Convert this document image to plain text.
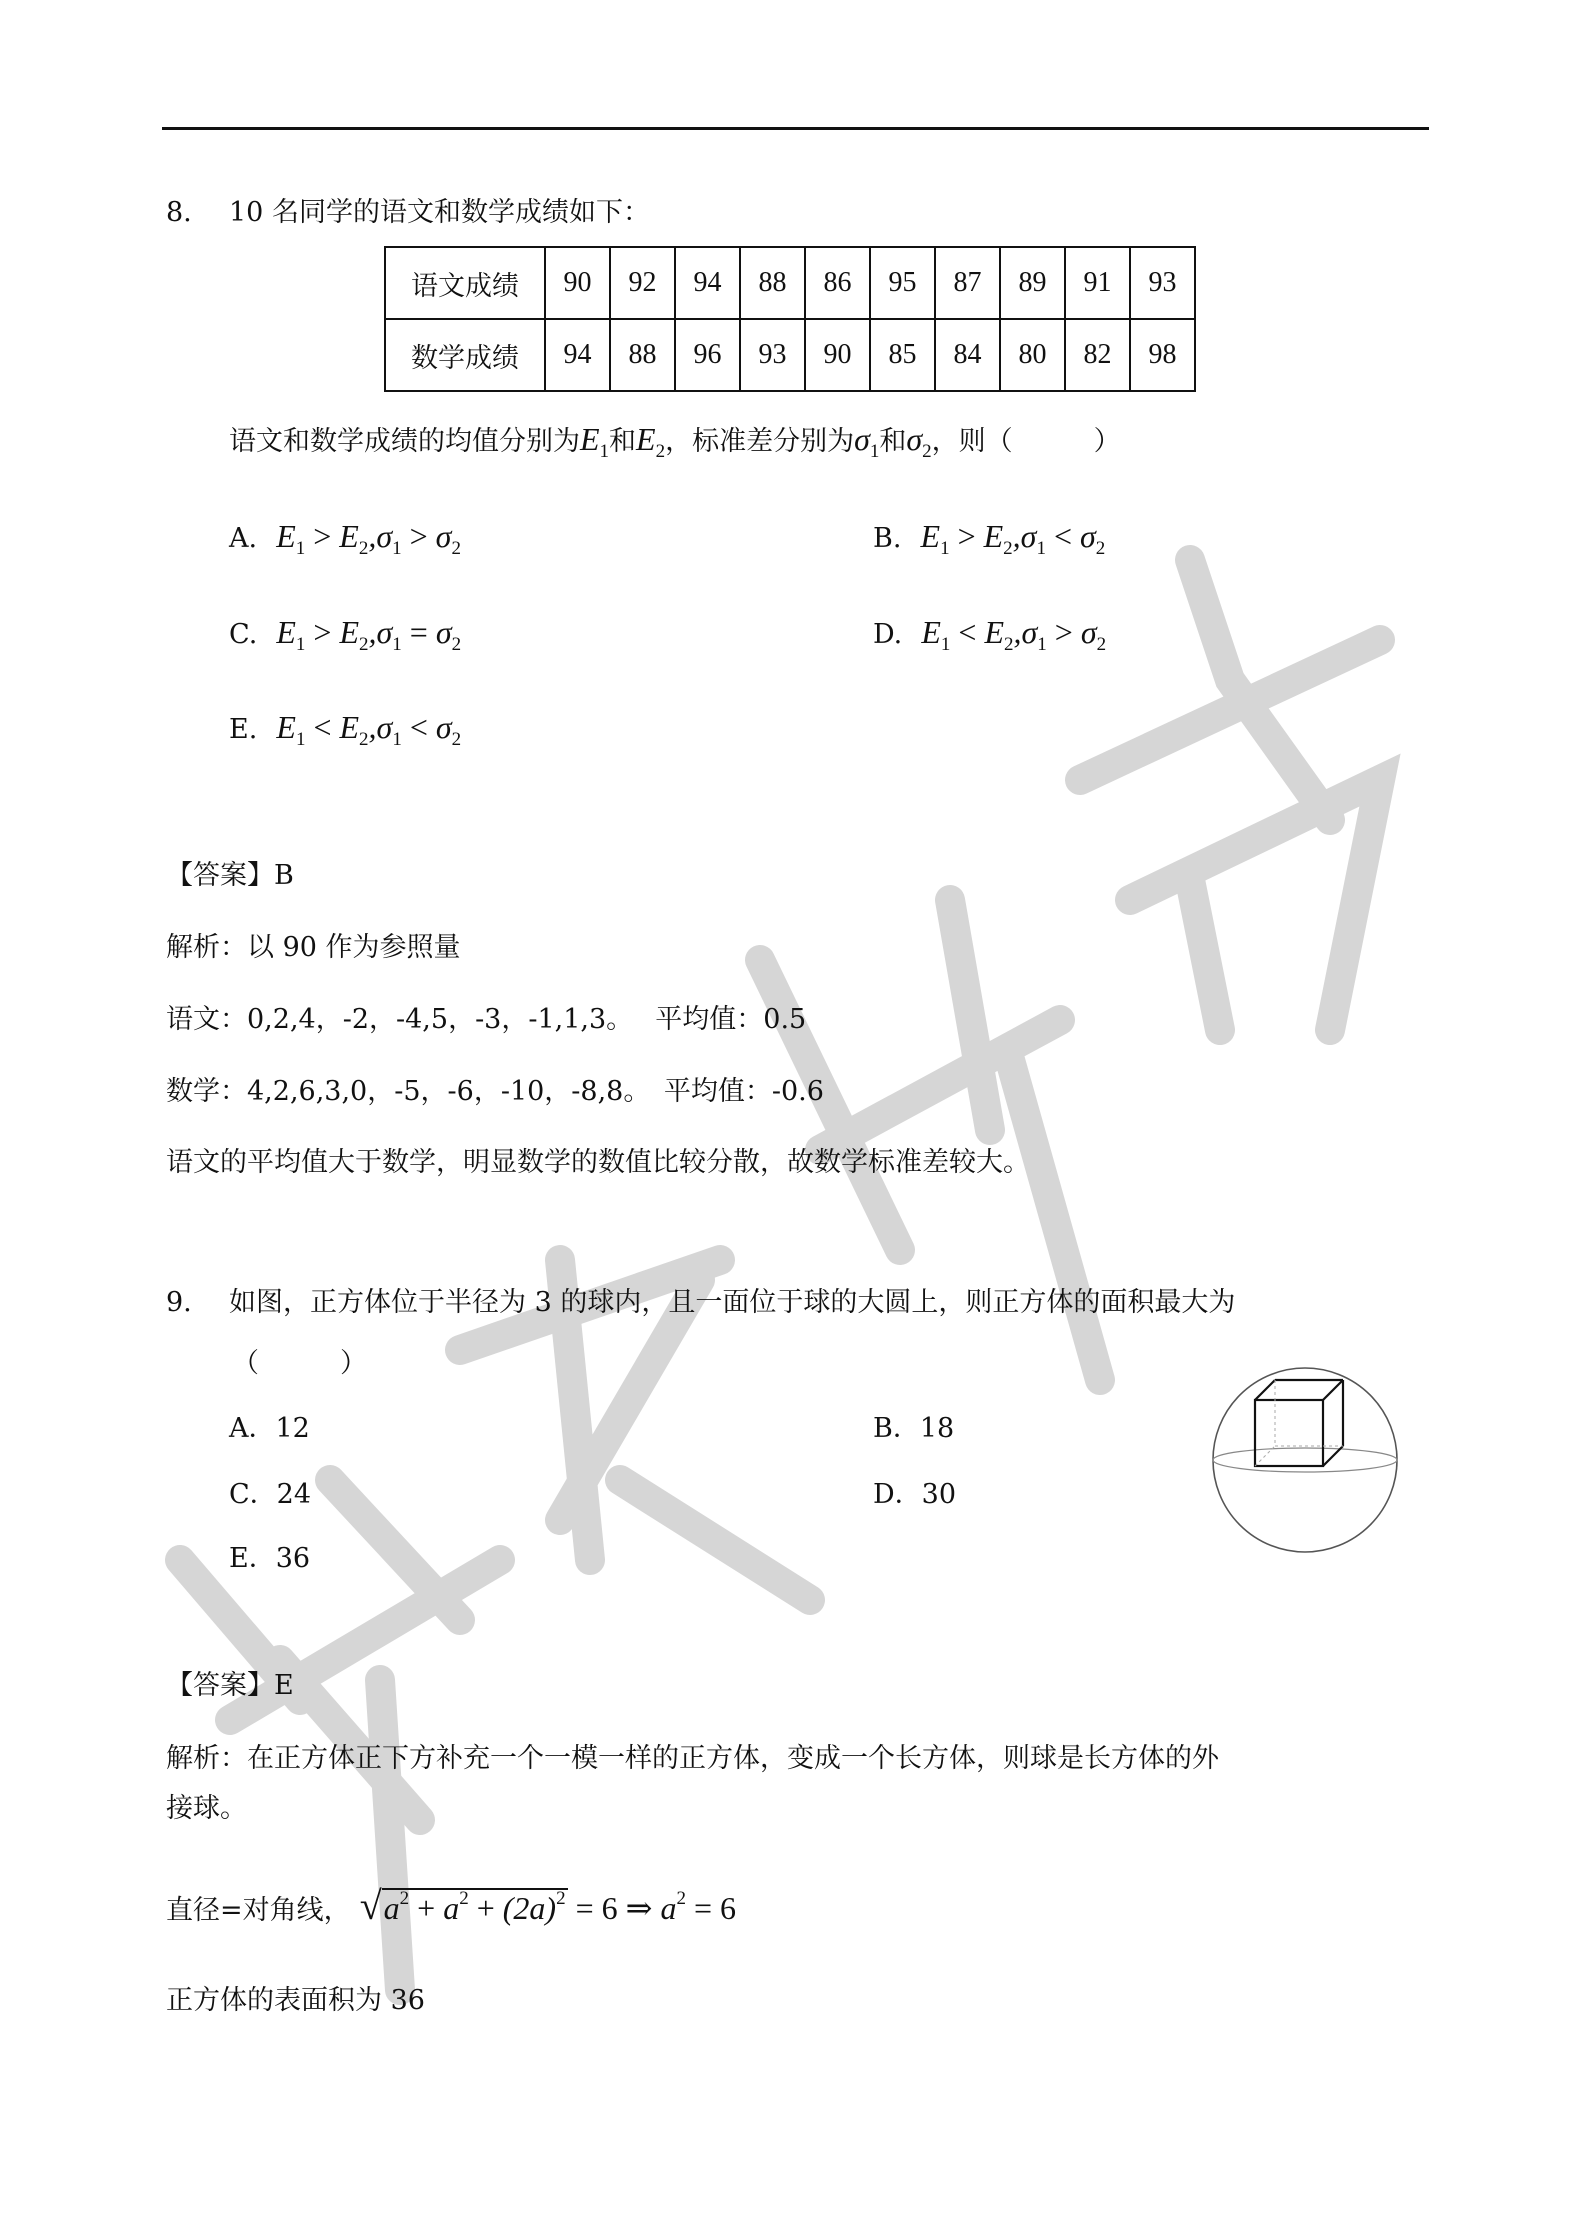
8. 10 名同学的语文和数学成绩如下：
语文成绩	90	92	94	88	86	95	87	89	91	93
数学成绩	94	88	96	93	90	85	84	80	82	98
语文和数学成绩的均值分别为$E_1$和$E_2$，标准差分别为$\sigma_1$和$\sigma_2$，则（　　　）
A. $E_1 > E_2,\sigma_1 > \sigma_2$	B. $E_1 > E_2,\sigma_1 < \sigma_2$
C. $E_1 > E_2,\sigma_1 = \sigma_2$	D. $E_1 < E_2,\sigma_1 > \sigma_2$
E. $E_1 < E_2,\sigma_1 < \sigma_2$
【答案】B
解析：以 90 作为参照量
语文：0,2,4，-2，-4,5，-3，-1,1,3。　 平均值：0.5
数学：4,2,6,3,0，-5，-6，-10，-8,8。　平均值：-0.6
语文的平均值大于数学，明显数学的数值比较分散，故数学标准差较大。
9. 如图，正方体位于半径为 3 的球内，且一面位于球的大圆上，则正方体的面积最大为
（　　　）
A．12	B．18
C．24	D．30
E．36
【答案】E
解析：在正方体正下方补充一个一模一样的正方体，变成一个长方体，则球是长方体的外
接球。
直径=对角线， $√a^2 + a^2 + (2a)^2 = 6$ ⇒ $a^2 = 6$
正方体的表面积为 36
